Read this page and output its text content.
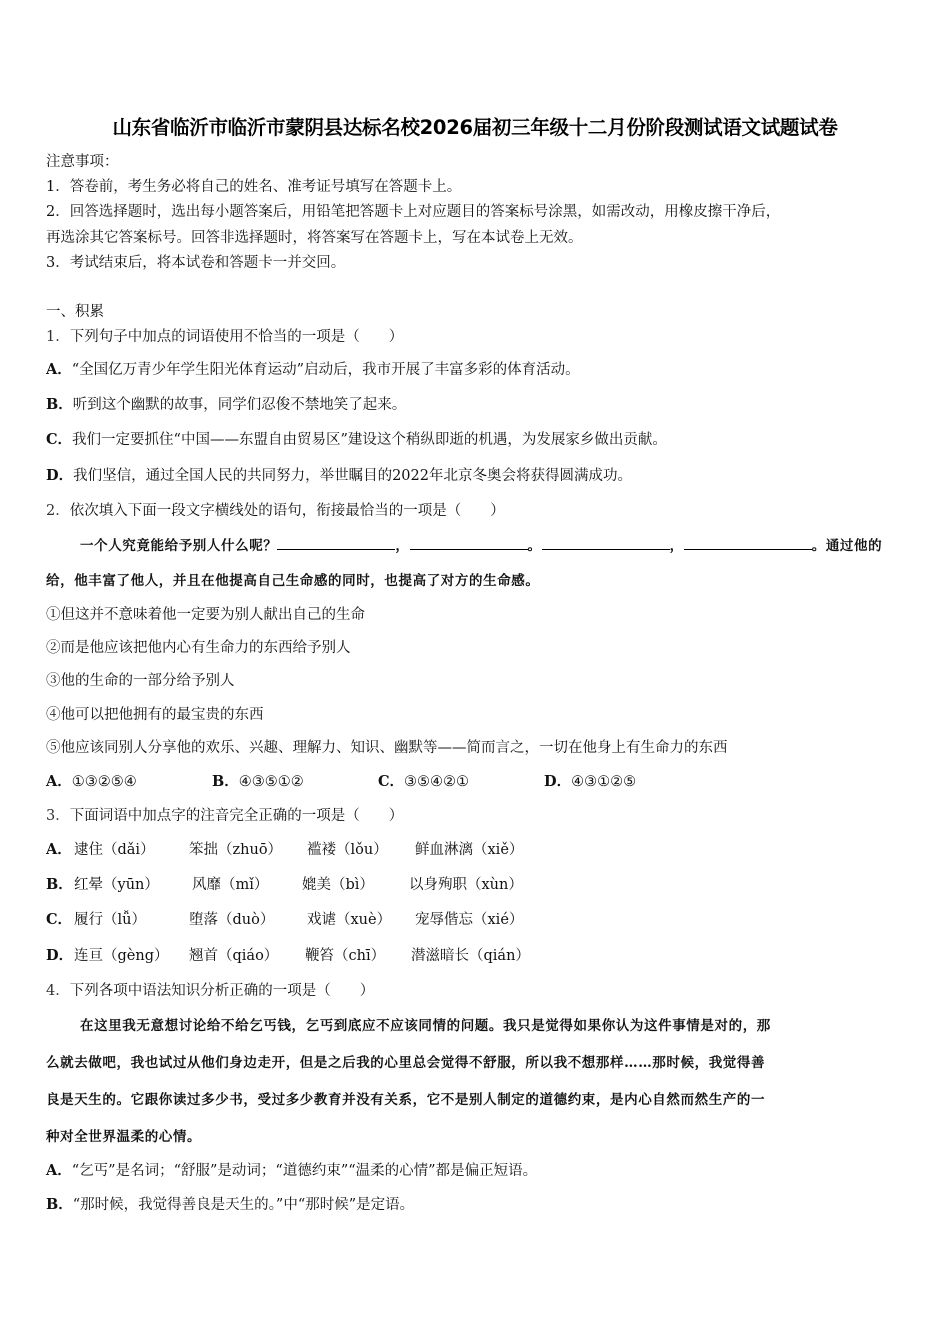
山东省临沂市临沂市蒙阴县达标名校2026届初三年级十二月份阶段测试语文试题试卷
注意事项：
1．答卷前，考生务必将自己的姓名、准考证号填写在答题卡上。
2．回答选择题时，选出每小题答案后，用铅笔把答题卡上对应题目的答案标号涂黑，如需改动，用橡皮擦干净后，
再选涂其它答案标号。回答非选择题时，将答案写在答题卡上，写在本试卷上无效。
3．考试结束后，将本试卷和答题卡一并交回。
一、积累
1．下列句子中加点的词语使用不恰当的一项是（　　）
A．“全国亿万青少年学生阳光体育运动”启动后，我市开展了丰富多彩的体育活动。
B．听到这个幽默的故事，同学们忍俊不禁地笑了起来。
C．我们一定要抓住“中国——东盟自由贸易区”建设这个稍纵即逝的机遇，为发展家乡做出贡献。
D．我们坚信，通过全国人民的共同努力，举世瞩目的2022年北京冬奥会将获得圆满成功。
2．依次填入下面一段文字横线处的语句，衔接最恰当的一项是（　　）
一个人究竟能给予别人什么呢？	，	。	，	。通过他的
给，他丰富了他人，并且在他提高自己生命感的同时，也提高了对方的生命感。
①但这并不意味着他一定要为别人献出自己的生命
②而是他应该把他内心有生命力的东西给予别人
③他的生命的一部分给予别人
④他可以把他拥有的最宝贵的东西
⑤他应该同别人分享他的欢乐、兴趣、理解力、知识、幽默等——简而言之，一切在他身上有生命力的东西
A．①③②⑤④	B．④③⑤①②	C．③⑤④②①	D．④③①②⑤
3．下面词语中加点字的注音完全正确的一项是（　　）
A． 逮住（dǎi） 笨拙（zhuō） 褴褛（lǒu） 鲜血淋漓（xiě）
B．红晕（yūn） 风靡（mǐ） 媲美（bì） 以身殉职（xùn）
C． 履行（lǚ）	堕落（duò） 戏谑（xuè） 宠辱偕忘（xié）
D．连亘（gèng） 翘首（qiáo） 鞭笞（chī） 潜滋暗长（qián）
4．下列各项中语法知识分析正确的一项是（　　）
在这里我无意想讨论给不给乞丐钱，乞丐到底应不应该同情的问题。我只是觉得如果你认为这件事情是对的，那
么就去做吧，我也试过从他们身边走开，但是之后我的心里总会觉得不舒服，所以我不想那样……那时候，我觉得善
良是天生的。它跟你读过多少书，受过多少教育并没有关系，它不是别人制定的道德约束，是内心自然而然生产的一
种对全世界温柔的心情。
A．“乞丐”是名词；“舒服”是动词；“道德约束”“温柔的心情”都是偏正短语。
B．“那时候，我觉得善良是天生的。”中“那时候”是定语。
